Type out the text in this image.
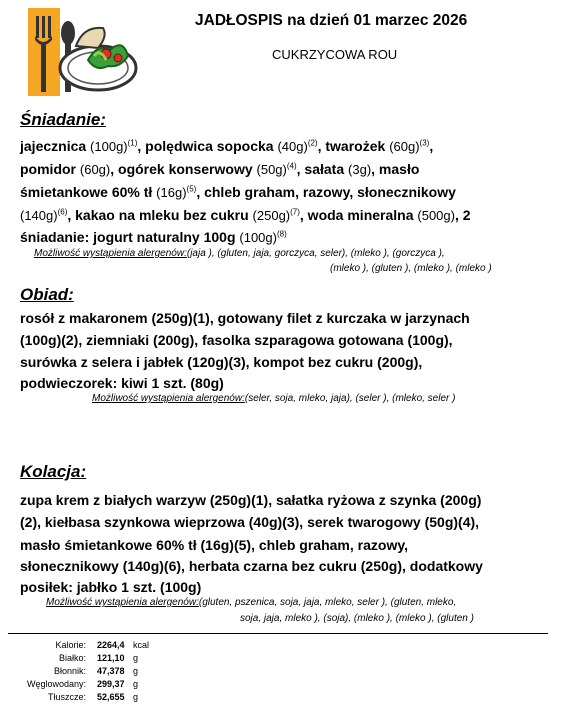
JADŁOSPIS na dzień 01 marzec 2026
CUKRZYCOWA ROU
Śniadanie:
jajecznica $(100g)^{(1)}$, polędwica sopocka $(40g)^{(2)}$, twarożek $(60g)^{(3)}$,
pomidor (60g), ogórek konserwowy $(50g)^{(4)}$, sałata (3g), masło
śmietankowe 60% tł $(16g)^{(5)}$, chleb graham, razowy, słonecznikowy
$(140g)^{(6)}$, kakao na mleku bez cukru $(250g)^{(7)}$, woda mineralna (500g), 2
śniadanie: jogurt naturalny 100g $(100g)^{(8)}$
Możliwość wystąpienia alergenów:(jaja ), (gluten, jaja, gorczyca, seler), (mleko ), (gorczyca ),
(mleko ), (gluten ), (mleko ), (mleko )
Obiad:
rosół z makaronem (250g)(1), gotowany filet z kurczaka w jarzynach
(100g)(2), ziemniaki (200g), fasolka szparagowa gotowana (100g),
surówka z selera i jabłek (120g)(3), kompot bez cukru (200g),
podwieczorek: kiwi 1 szt. (80g)
Możliwość wystąpienia alergenów:(seler, soja, mleko, jaja), (seler ), (mleko, seler )
Kolacja:
zupa krem z białych warzyw (250g)(1), sałatka ryżowa z szynka (200g)
(2), kiełbasa szynkowa wieprzowa (40g)(3), serek twarogowy (50g)(4),
masło śmietankowe 60% tł (16g)(5), chleb graham, razowy,
słonecznikowy (140g)(6), herbata czarna bez cukru (250g), dodatkowy
posiłek: jabłko 1 szt. (100g)
Możliwość wystąpienia alergenów:(gluten, pszenica, soja, jaja, mleko, seler ), (gluten, mleko,
soja, jaja, mleko ), (soja), (mleko ), (mleko ), (gluten )
Kalorie: 2264,4 kcal
Białko: 121,10 g
Błonnik: 47,378 g
Węglowodany: 299,37 g
Tłuszcze: 52,655 g
